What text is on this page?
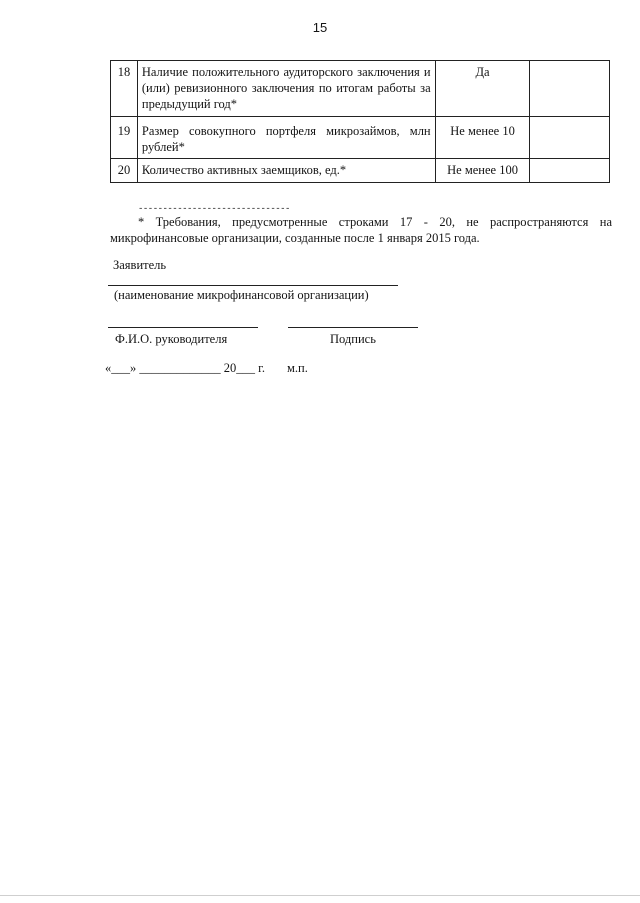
15
18	Наличие положительного аудиторского заключения и (или) ревизионного заключения по итогам работы за предыдущий год*	Да	
19	Размер совокупного портфеля микрозаймов, млн рублей*	Не менее 10	
20	Количество активных заемщиков, ед.*	Не менее 100	
-------------------------------
* Требования, предусмотренные строками 17 - 20, не распространяются на микрофинансовые организации, созданные после 1 января 2015 года.
Заявитель
(наименование микрофинансовой организации)
Ф.И.О. руководителя	Подпись
«___» _____________ 20___ г. м.п.
